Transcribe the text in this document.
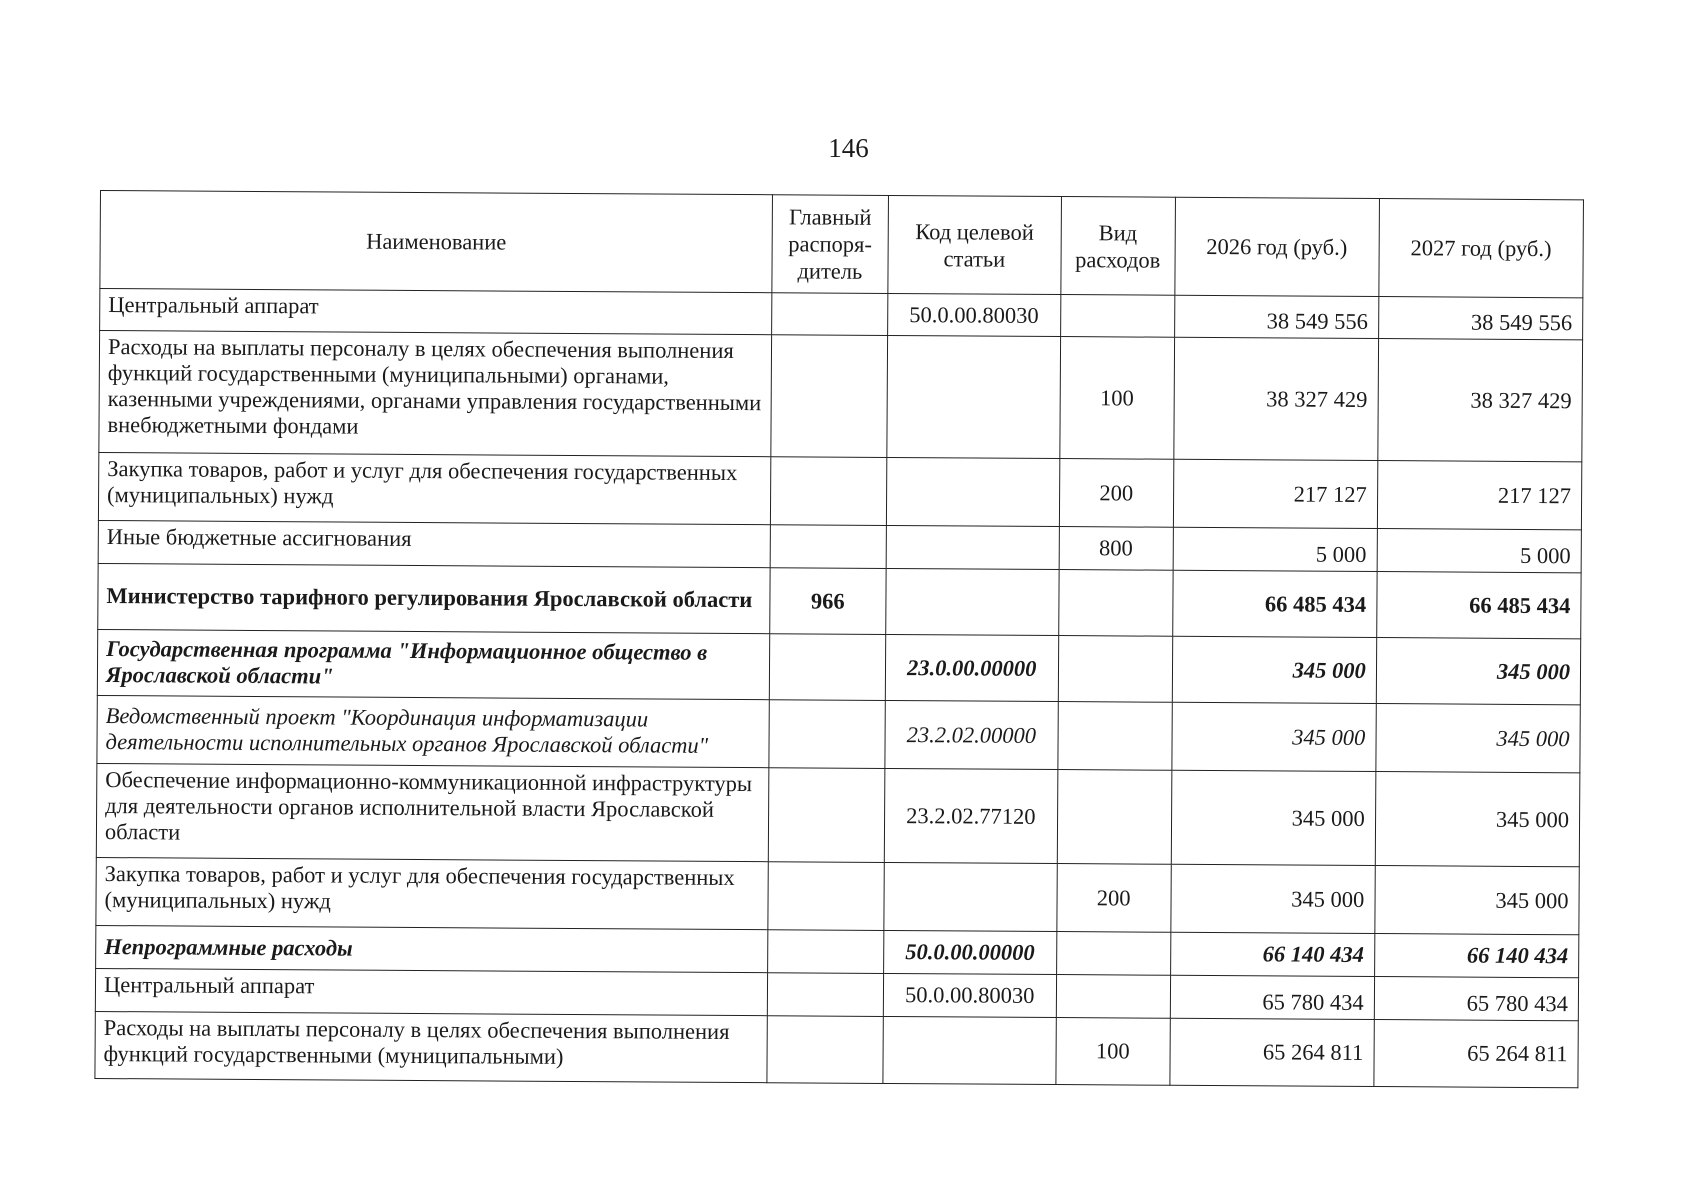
146
Наименование	Главный распоря-дитель	Код целевой статьи	Вид расходов	2026 год (руб.)	2027 год (руб.)
Центральный аппарат		50.0.00.80030		38 549 556	38 549 556
Расходы на выплаты персоналу в целях обеспечения выполнения функций государственными (муниципальными) органами, казенными учреждениями, органами управления государственными внебюджетными фондами			100	38 327 429	38 327 429
Закупка товаров, работ и услуг для обеспечения государственных (муниципальных) нужд			200	217 127	217 127
Иные бюджетные ассигнования			800	5 000	5 000
Министерство тарифного регулирования Ярославской области	966			66 485 434	66 485 434
Государственная программа "Информационное общество в Ярославской области"		23.0.00.00000		345 000	345 000
Ведомственный проект "Координация информатизации деятельности исполнительных органов Ярославской области"		23.2.02.00000		345 000	345 000
Обеспечение информационно-коммуникационной инфраструктуры для деятельности органов исполнительной власти Ярославской области		23.2.02.77120		345 000	345 000
Закупка товаров, работ и услуг для обеспечения государственных (муниципальных) нужд			200	345 000	345 000
Непрограммные расходы		50.0.00.00000		66 140 434	66 140 434
Центральный аппарат		50.0.00.80030		65 780 434	65 780 434
Расходы на выплаты персоналу в целях обеспечения выполнения функций государственными (муниципальными)			100	65 264 811	65 264 811
